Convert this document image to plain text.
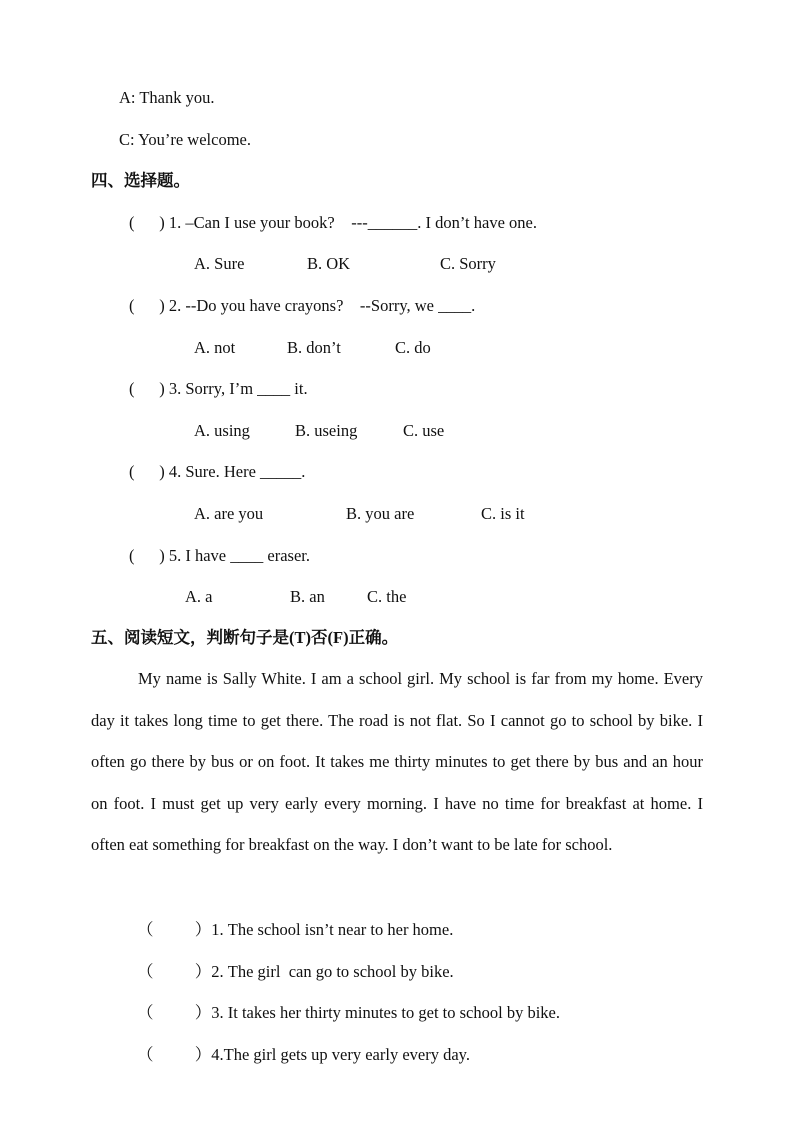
A: Thank you.
C: You’re welcome.
四、选择题。
(      ) 1. –Can I use your book?    ---______. I don’t have one.
A. Sure	B. OK	C. Sorry
(      ) 2. --Do you have crayons?    --Sorry, we ____.
A. not	B. don’t	C. do
(      ) 3. Sorry, I’m ____ it.
A. using	B. useing	C. use
(      ) 4. Sure. Here _____.
A. are you	B. you are	C. is it
(      ) 5. I have ____ eraser.
A. a	B. an	C. the
五、阅读短文，判断句子是(T)否(F)正确。
My name is Sally White. I am a school girl. My school is far from my home. Every day it takes long time to get there. The road is not flat. So I cannot go to school by bike. I often go there by bus or on foot. It takes me thirty minutes to get there by bus and an hour on foot. I must get up very early every morning. I have no time for breakfast at home. I often eat something for breakfast on the way. I don’t want to be late for school.
（          ）1. The school isn’t near to her home.
（          ）2. The girl  can go to school by bike.
（          ）3. It takes her thirty minutes to get to school by bike.
（          ）4.The girl gets up very early every day.
